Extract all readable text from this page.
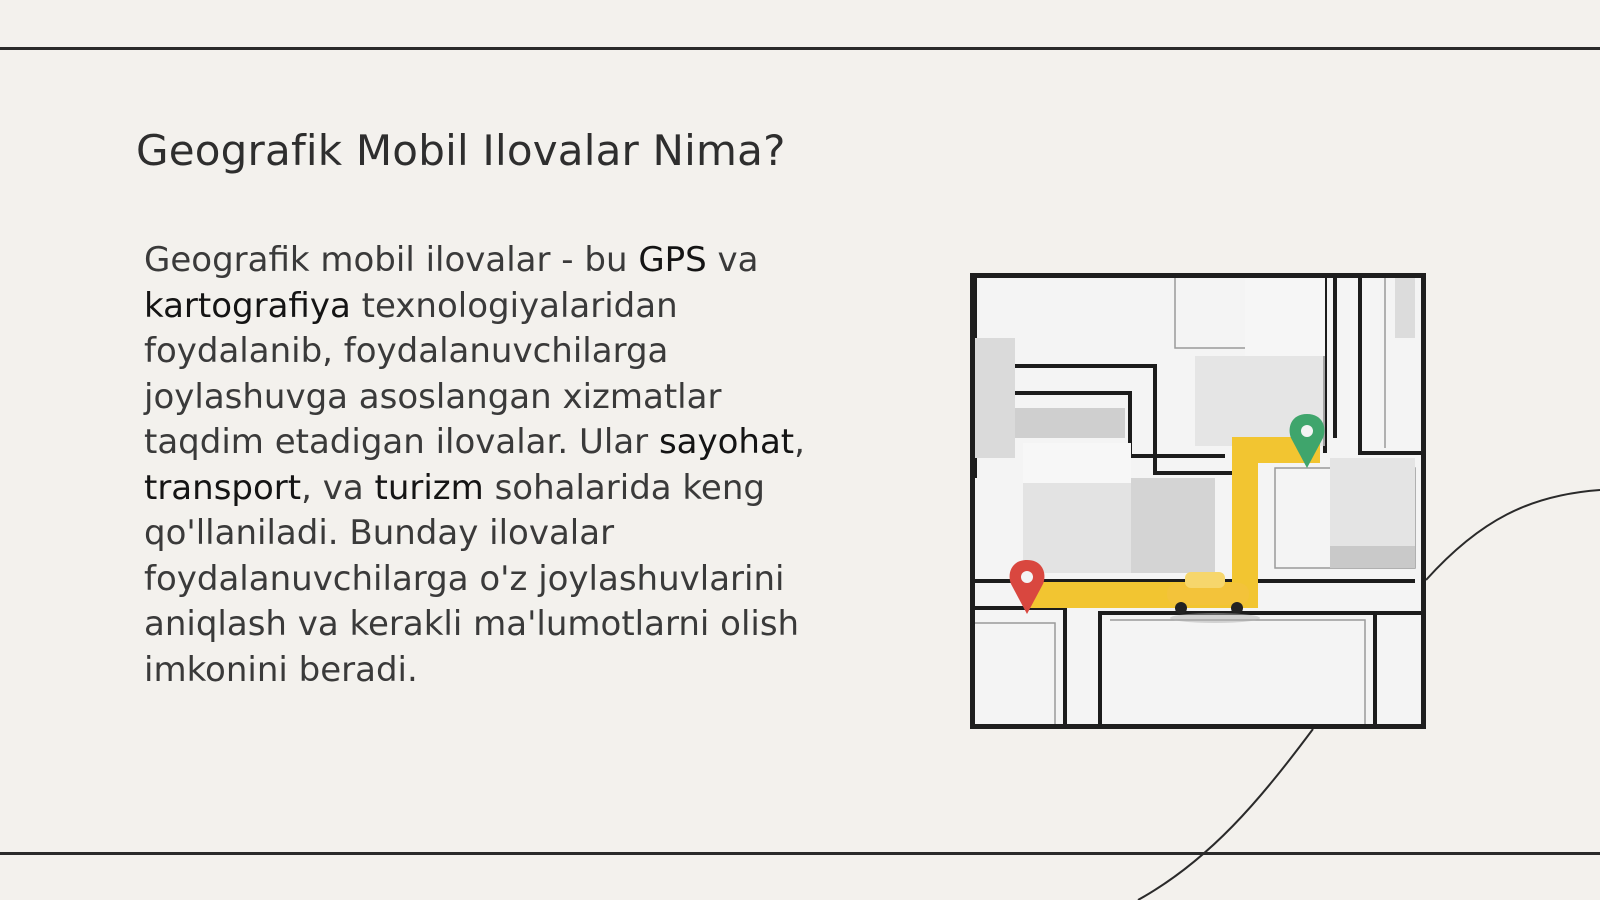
Geografik Mobil Ilovalar Nima?

Geografik mobil ilovalar - bu GPS va kartografiya texnologiyalaridan foydalanib, foydalanuvchilarga joylashuvga asoslangan xizmatlar taqdim etadigan ilovalar. Ular sayohat, transport, va turizm sohalarida keng qo'llaniladi. Bunday ilovalar foydalanuvchilarga o'z joylashuvlarini aniqlash va kerakli ma'lumotlarni olish imkonini beradi.
